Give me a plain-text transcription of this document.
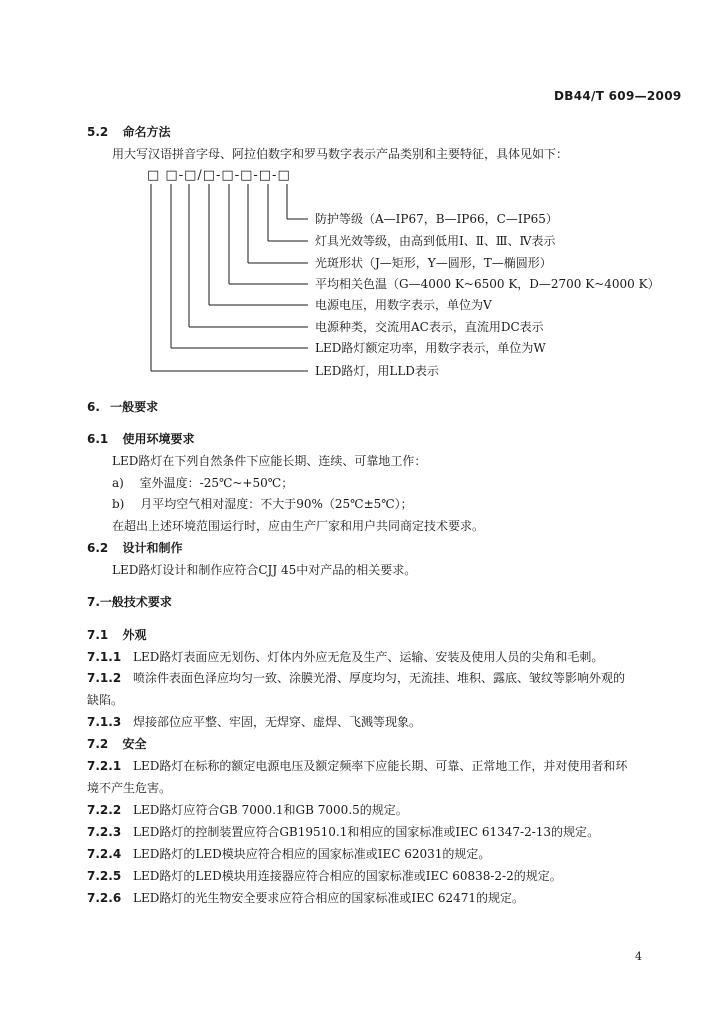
DB44/T 609—2009
5.2 命名方法
用大写汉语拼音字母、阿拉伯数字和罗马数字表示产品类别和主要特征，具体见如下：
□ □-□/□-□-□-□-□
防护等级（A—IP67，B—IP66，C—IP65）
灯具光效等级，由高到低用Ⅰ、Ⅱ、Ⅲ、Ⅳ表示
光斑形状（J—矩形，Y—圆形，T—椭圆形）
平均相关色温（G—4000 K~6500 K，D—2700 K~4000 K）
电源电压，用数字表示，单位为V
电源种类，交流用AC表示，直流用DC表示
LED路灯额定功率，用数字表示，单位为W
LED路灯，用LLD表示
6. 一般要求
6.1 使用环境要求
LED路灯在下列自然条件下应能长期、连续、可靠地工作：
a) 室外温度：-25℃~+50℃；
b) 月平均空气相对湿度：不大于90%（25℃±5℃）；
在超出上述环境范围运行时，应由生产厂家和用户共同商定技术要求。
6.2 设计和制作
LED路灯设计和制作应符合CJJ 45中对产品的相关要求。
7.一般技术要求
7.1 外观
7.1.1 LED路灯表面应无划伤、灯体内外应无危及生产、运输、安装及使用人员的尖角和毛刺。
7.1.2 喷涂件表面色泽应均匀一致、涂膜光滑、厚度均匀，无流挂、堆积、露底、皱纹等影响外观的
缺陷。
7.1.3 焊接部位应平整、牢固，无焊穿、虚焊、飞溅等现象。
7.2 安全
7.2.1 LED路灯在标称的额定电源电压及额定频率下应能长期、可靠、正常地工作，并对使用者和环
境不产生危害。
7.2.2 LED路灯应符合GB 7000.1和GB 7000.5的规定。
7.2.3 LED路灯的控制装置应符合GB19510.1和相应的国家标准或IEC 61347-2-13的规定。
7.2.4 LED路灯的LED模块应符合相应的国家标准或IEC 62031的规定。
7.2.5 LED路灯的LED模块用连接器应符合相应的国家标准或IEC 60838-2-2的规定。
7.2.6 LED路灯的光生物安全要求应符合相应的国家标准或IEC 62471的规定。
4
